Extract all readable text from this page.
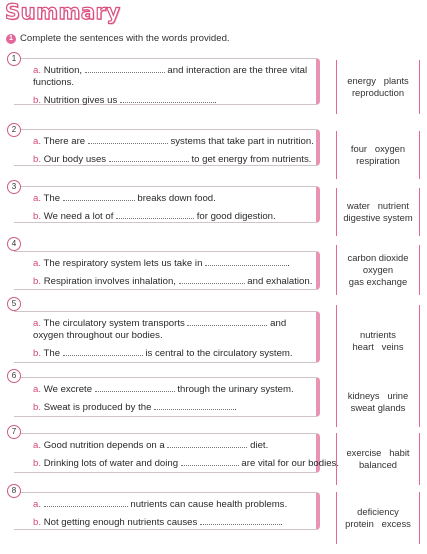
Summary
1 Complete the sentences with the words provided.
1
a. Nutrition,	and interaction are the three vital functions.
b. Nutrition gives us	.
energy   plants
reproduction
2
a. There are	systems that take part in nutrition.
b. Our body uses	to get energy from nutrients.
four   oxygen
respiration
3
a. The	breaks down food.
b. We need a lot of	for good digestion.
water   nutrient
digestive system
4
a. The respiratory system lets us take in	.
b. Respiration involves inhalation,	and exhalation.
carbon dioxide
oxygen
gas exchange
5
a. The circulatory system transports	and oxygen throughout our bodies.
b. The	is central to the circulatory system.
nutrients
heart   veins
6
a. We excrete	through the urinary system.
b. Sweat is produced by the	.
kidneys   urine
sweat glands
7
a. Good nutrition depends on a	diet.
b. Drinking lots of water and doing	are vital for our bodies.
exercise   habit
balanced
8
a.	nutrients can cause health problems.
b. Not getting enough nutrients causes	.
deficiency
protein   excess
